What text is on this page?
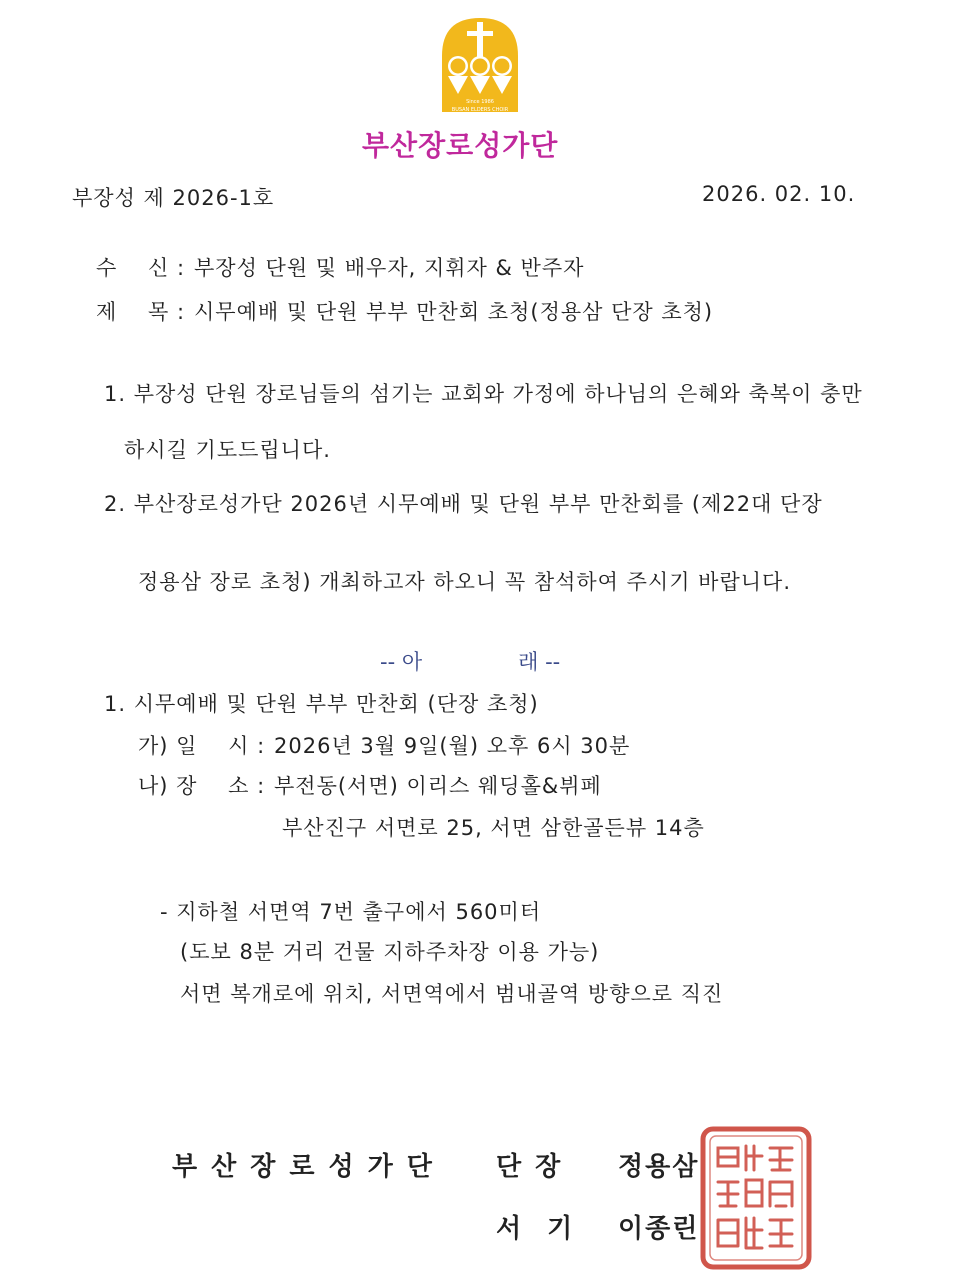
Since 1986
BUSAN ELDERS CHOIR
부산장로성가단
부장성 제 2026-1호	2026. 02. 10.
수    신 : 부장성 단원 및 배우자, 지휘자 & 반주자
제    목 : 시무예배 및 단원 부부 만찬회 초청(정용삼 단장 초청)
1. 부장성 단원 장로님들의 섬기는 교회와 가정에 하나님의 은혜와 축복이 충만
하시길 기도드립니다.
2. 부산장로성가단 2026년 시무예배 및 단원 부부 만찬회를 (제22대 단장
정용삼 장로 초청) 개최하고자 하오니 꼭 참석하여 주시기 바랍니다.
-- 아	래 --
1. 시무예배 및 단원 부부 만찬회 (단장 초청)
가) 일    시 : 2026년 3월 9일(월) 오후 6시 30분
나) 장    소 : 부전동(서면) 이리스 웨딩홀&뷔페
부산진구 서면로 25, 서면 삼한골든뷰 14층
- 지하철 서면역 7번 출구에서 560미터
(도보 8분 거리 건물 지하주차장 이용 가능)
서면 복개로에 위치, 서면역에서 범내골역 방향으로 직진
부산장로성가단 단장 정용삼
서기 이종린
